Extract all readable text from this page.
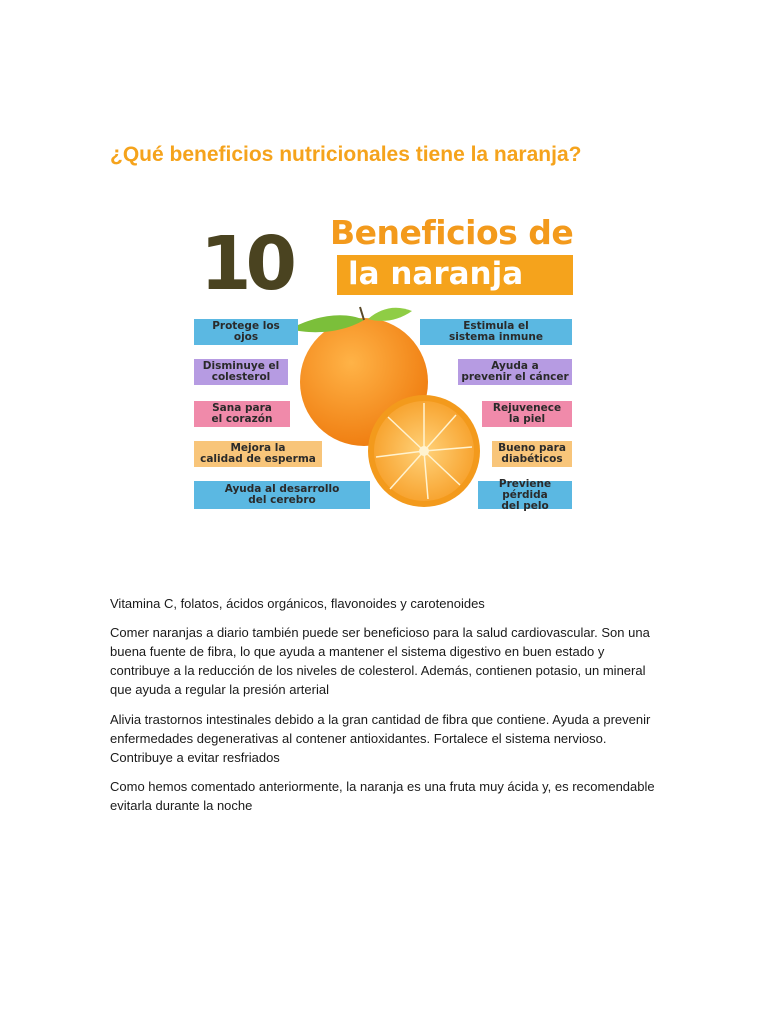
¿Qué beneficios nutricionales tiene la naranja?
10 Beneficios de
la naranja
Protege los
ojos
Disminuye el
colesterol
Sana para
el corazón
Mejora la
calidad de esperma
Ayuda al desarrollo
del cerebro
Estimula el
sistema inmune
Ayuda a
prevenir el cáncer
Rejuvenece
la piel
Bueno para
diabéticos
Previene pérdida
del pelo
Vitamina C, folatos, ácidos orgánicos, flavonoides y carotenoides
Comer naranjas a diario también puede ser beneficioso para la salud cardiovascular. Son una buena fuente de fibra, lo que ayuda a mantener el sistema digestivo en buen estado y contribuye a la reducción de los niveles de colesterol. Además, contienen potasio, un mineral que ayuda a regular la presión arterial
Alivia trastornos intestinales debido a la gran cantidad de fibra que contiene. Ayuda a prevenir enfermedades degenerativas al contener antioxidantes. Fortalece el sistema nervioso. Contribuye a evitar resfriados
Como hemos comentado anteriormente, la naranja es una fruta muy ácida y, es recomendable evitarla durante la noche
